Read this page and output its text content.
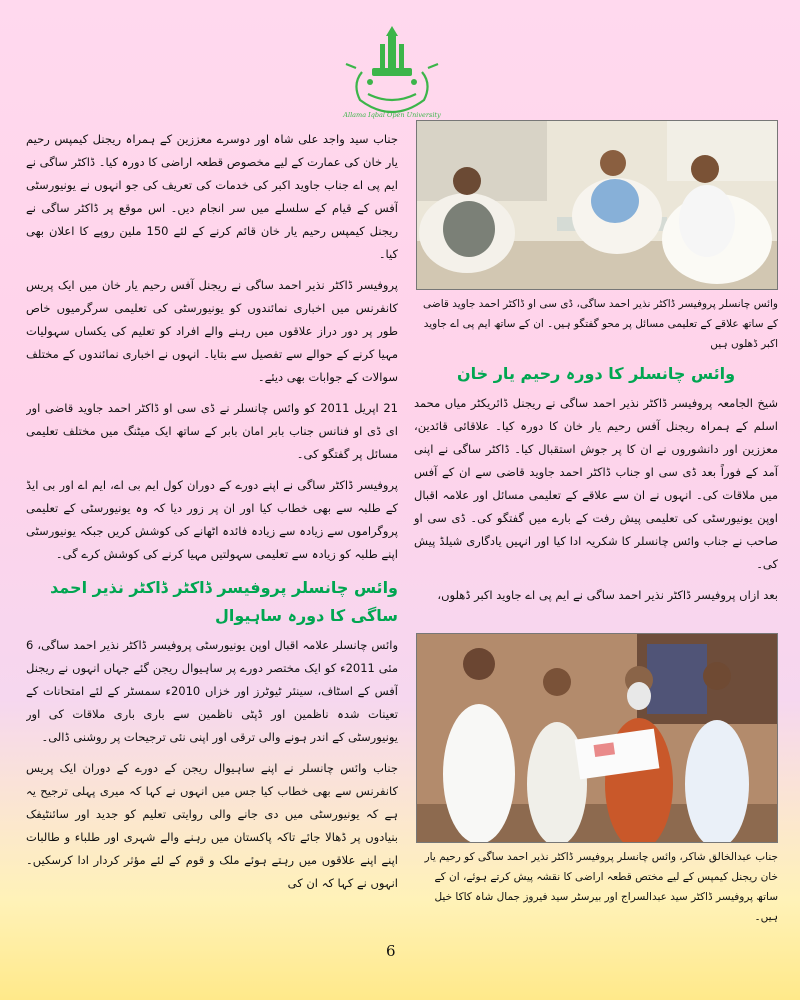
Allama Iqbal Open University

جناب سید واجد علی شاہ اور دوسرے معززین کے ہمراہ ریجنل کیمپس رحیم یار خان کی عمارت کے لیے مخصوص قطعہ اراضی کا دورہ کیا۔ ڈاکٹر ساگی نے ایم پی اے جناب جاوید اکبر کی خدمات کی تعریف کی جو انہوں نے یونیورسٹی آفس کے قیام کے سلسلے میں سر انجام دیں۔ اس موقع پر ڈاکٹر ساگی نے ریجنل کیمپس رحیم یار خان قائم کرنے کے لئے 150 ملین روپے کا اعلان بھی کیا۔

پروفیسر ڈاکٹر نذیر احمد ساگی نے ریجنل آفس رحیم یار خان میں ایک پریس کانفرنس میں اخباری نمائندوں کو یونیورسٹی کی تعلیمی سرگرمیوں خاص طور پر دور دراز علاقوں میں رہنے والے افراد کو تعلیم کی یکساں سہولیات مہیا کرنے کے حوالے سے تفصیل سے بتایا۔ انہوں نے اخباری نمائندوں کے مختلف سوالات کے جوابات بھی دیئے۔

21 اپریل 2011 کو وائس چانسلر نے ڈی سی او ڈاکٹر احمد جاوید قاضی اور ای ڈی او فنانس جناب بابر امان بابر کے ساتھ ایک میٹنگ میں مختلف تعلیمی مسائل پر گفتگو کی۔

پروفیسر ڈاکٹر ساگی نے اپنے دورے کے دوران کول ایم بی اے، ایم اے اور بی ایڈ کے طلبہ سے بھی خطاب کیا اور ان پر زور دیا کہ وہ یونیورسٹی کے تعلیمی پروگراموں سے زیادہ سے زیادہ فائدہ اٹھانے کی کوشش کریں جبکہ یونیورسٹی اپنے طلبہ کو زیادہ سے تعلیمی سہولتیں مہیا کرنے کی کوشش کرے گی۔

وائس چانسلر پروفیسر ڈاکٹر ڈاکٹر نذیر احمد ساگی کا دورہ ساہیوال

وائس چانسلر علامہ اقبال اوپن یونیورسٹی پروفیسر ڈاکٹر نذیر احمد ساگی، 6 مئی 2011ء کو ایک مختصر دورے پر ساہیوال ریجن گئے جہاں انہوں نے ریجنل آفس کے اسٹاف، سینئر ٹیوٹرز اور خزاں 2010ء سمسٹر کے لئے امتحانات کے تعینات شدہ ناظمین اور ڈپٹی ناظمین سے باری باری ملاقات کی اور یونیورسٹی کے اندر ہونے والی ترقی اور اپنی نئی ترجیحات پر روشنی ڈالی۔

جناب وائس چانسلر نے اپنے ساہیوال ریجن کے دورے کے دوران ایک پریس کانفرنس سے بھی خطاب کیا جس میں انہوں نے کہا کہ میری پہلی ترجیح یہ ہے کہ یونیورسٹی میں دی جانے والی روایتی تعلیم کو جدید اور سائنٹیفک بنیادوں پر ڈھالا جائے تاکہ پاکستان میں رہنے والے شہری اور طلباء و طالبات اپنے اپنے علاقوں میں رہتے ہوئے ملک و قوم کے لئے مؤثر کردار ادا کرسکیں۔ انہوں نے کہا کہ ان کی

وائس چانسلر پروفیسر ڈاکٹر نذیر احمد ساگی، ڈی سی او ڈاکٹر احمد جاوید قاضی کے ساتھ علاقے کے تعلیمی مسائل پر محو گفتگو ہیں۔ ان کے ساتھ ایم پی اے جاوید اکبر ڈھلوں ہیں
وائس چانسلر کا دورہ رحیم یار خان

شیخ الجامعہ پروفیسر ڈاکٹر نذیر احمد ساگی نے ریجنل ڈائریکٹر میاں محمد اسلم کے ہمراہ ریجنل آفس رحیم یار خان کا دورہ کیا۔ علاقائی قائدین، معززین اور دانشوروں نے ان کا پر جوش استقبال کیا۔ ڈاکٹر ساگی نے اپنی آمد کے فوراً بعد ڈی سی او جناب ڈاکٹر احمد جاوید قاضی سے ان کے آفس میں ملاقات کی۔ انہوں نے ان سے علاقے کے تعلیمی مسائل اور علامہ اقبال اوپن یونیورسٹی کی تعلیمی پیش رفت کے بارے میں گفتگو کی۔ ڈی سی او صاحب نے جناب وائس چانسلر کا شکریہ ادا کیا اور انہیں یادگاری شیلڈ پیش کی۔

بعد ازاں پروفیسر ڈاکٹر نذیر احمد ساگی نے ایم پی اے جاوید اکبر ڈھلوں،

جناب عبدالخالق شاکر، وائس چانسلر پروفیسر ڈاکٹر نذیر احمد ساگی کو رحیم یار خان ریجنل کیمپس کے لیے مختص قطعہ اراضی کا نقشہ پیش کرتے ہوئے، ان کے ساتھ پروفیسر ڈاکٹر سید عبدالسراج اور بیرسٹر سید فیروز جمال شاہ کاکا خیل ہیں۔
6
